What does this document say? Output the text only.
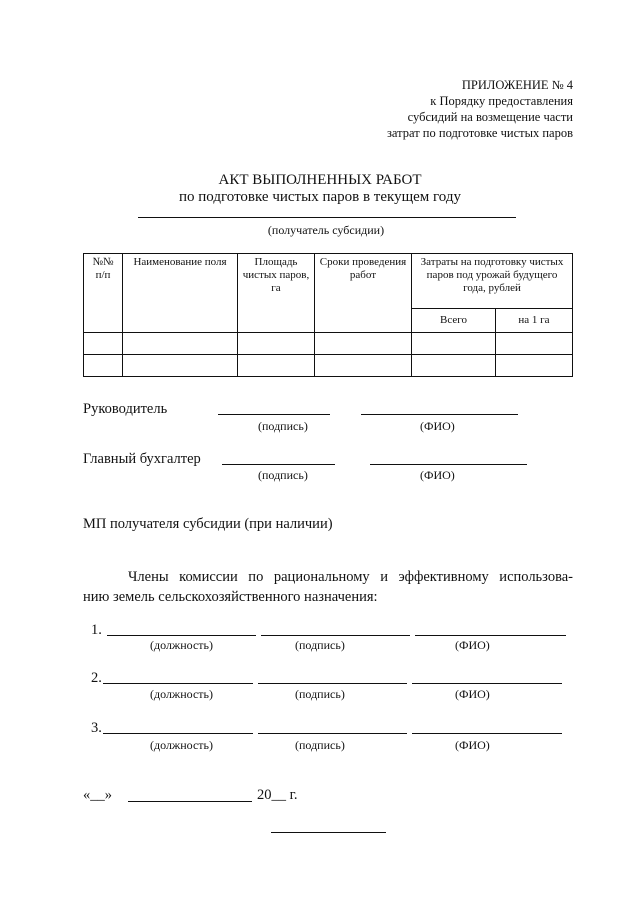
ПРИЛОЖЕНИЕ № 4
к Порядку предоставления
субсидий на возмещение части
затрат по подготовке чистых паров
АКТ ВЫПОЛНЕННЫХ РАБОТ
по подготовке чистых паров в текущем году
(получатель субсидии)
№№ п/п	Наименование поля	Площадь чистых паров, га	Сроки проведения работ	Затраты на подготовку чистых паров под урожай будущего года, рублей	
				Всего	на 1 га

Руководитель
(подпись)	(ФИО)
Главный бухгалтер
(подпись)	(ФИО)
МП получателя субсидии (при наличии)
Члены комиссии по рациональному и эффективному использова-
нию земель сельскохозяйственного назначения:
1.
(должность)	(подпись)	(ФИО)
2.
(должность)	(подпись)	(ФИО)
3.
(должность)	(подпись)	(ФИО)
«__»	20__ г.
